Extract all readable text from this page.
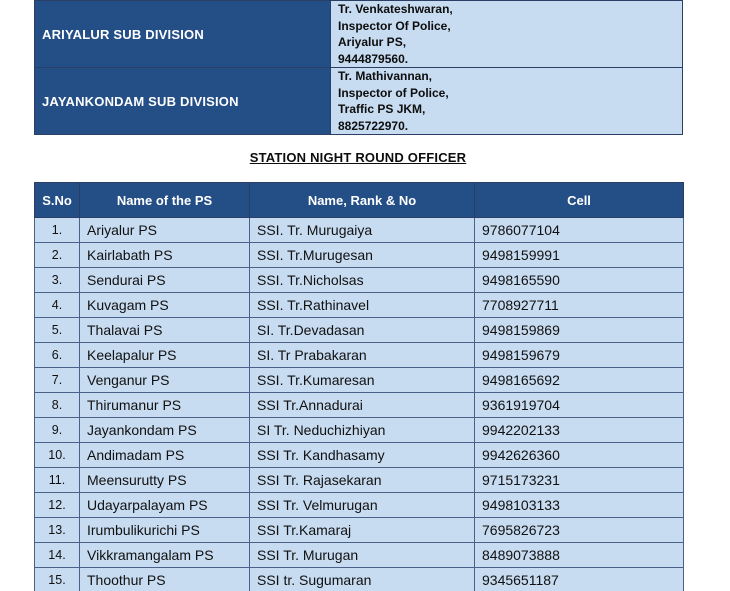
ARIYALUR SUB DIVISION	Tr. Venkateshwaran,
Inspector Of Police,
Ariyalur PS,
9444879560.

JAYANKONDAM SUB DIVISION	Tr. Mathivannan,
Inspector of Police,
Traffic PS JKM,
8825722970.
STATION NIGHT ROUND OFFICER
S.No	Name of the PS	Name, Rank & No	Cell
1.	Ariyalur PS	SSI. Tr. Murugaiya	9786077104
2.	Kairlabath PS	SSI. Tr.Murugesan	9498159991
3.	Sendurai PS	SSI. Tr.Nicholsas	9498165590
4.	Kuvagam PS	SSI. Tr.Rathinavel	7708927711
5.	Thalavai PS	SI. Tr.Devadasan	9498159869
6.	Keelapalur PS	SI. Tr Prabakaran	9498159679
7.	Venganur PS	SSI. Tr.Kumaresan	9498165692
8.	Thirumanur PS	SSI Tr.Annadurai	9361919704
9.	Jayankondam PS	SI Tr. Neduchizhiyan	9942202133
10.	Andimadam PS	SSI Tr. Kandhasamy	9942626360
11.	Meensurutty PS	SSI Tr. Rajasekaran	9715173231
12.	Udayarpalayam PS	SSI Tr. Velmurugan	9498103133
13.	Irumbulikurichi PS	SSI Tr.Kamaraj	7695826723
14.	Vikkramangalam PS	SSI Tr. Murugan	8489073888
15.	Thoothur PS	SSI tr. Sugumaran	9345651187
